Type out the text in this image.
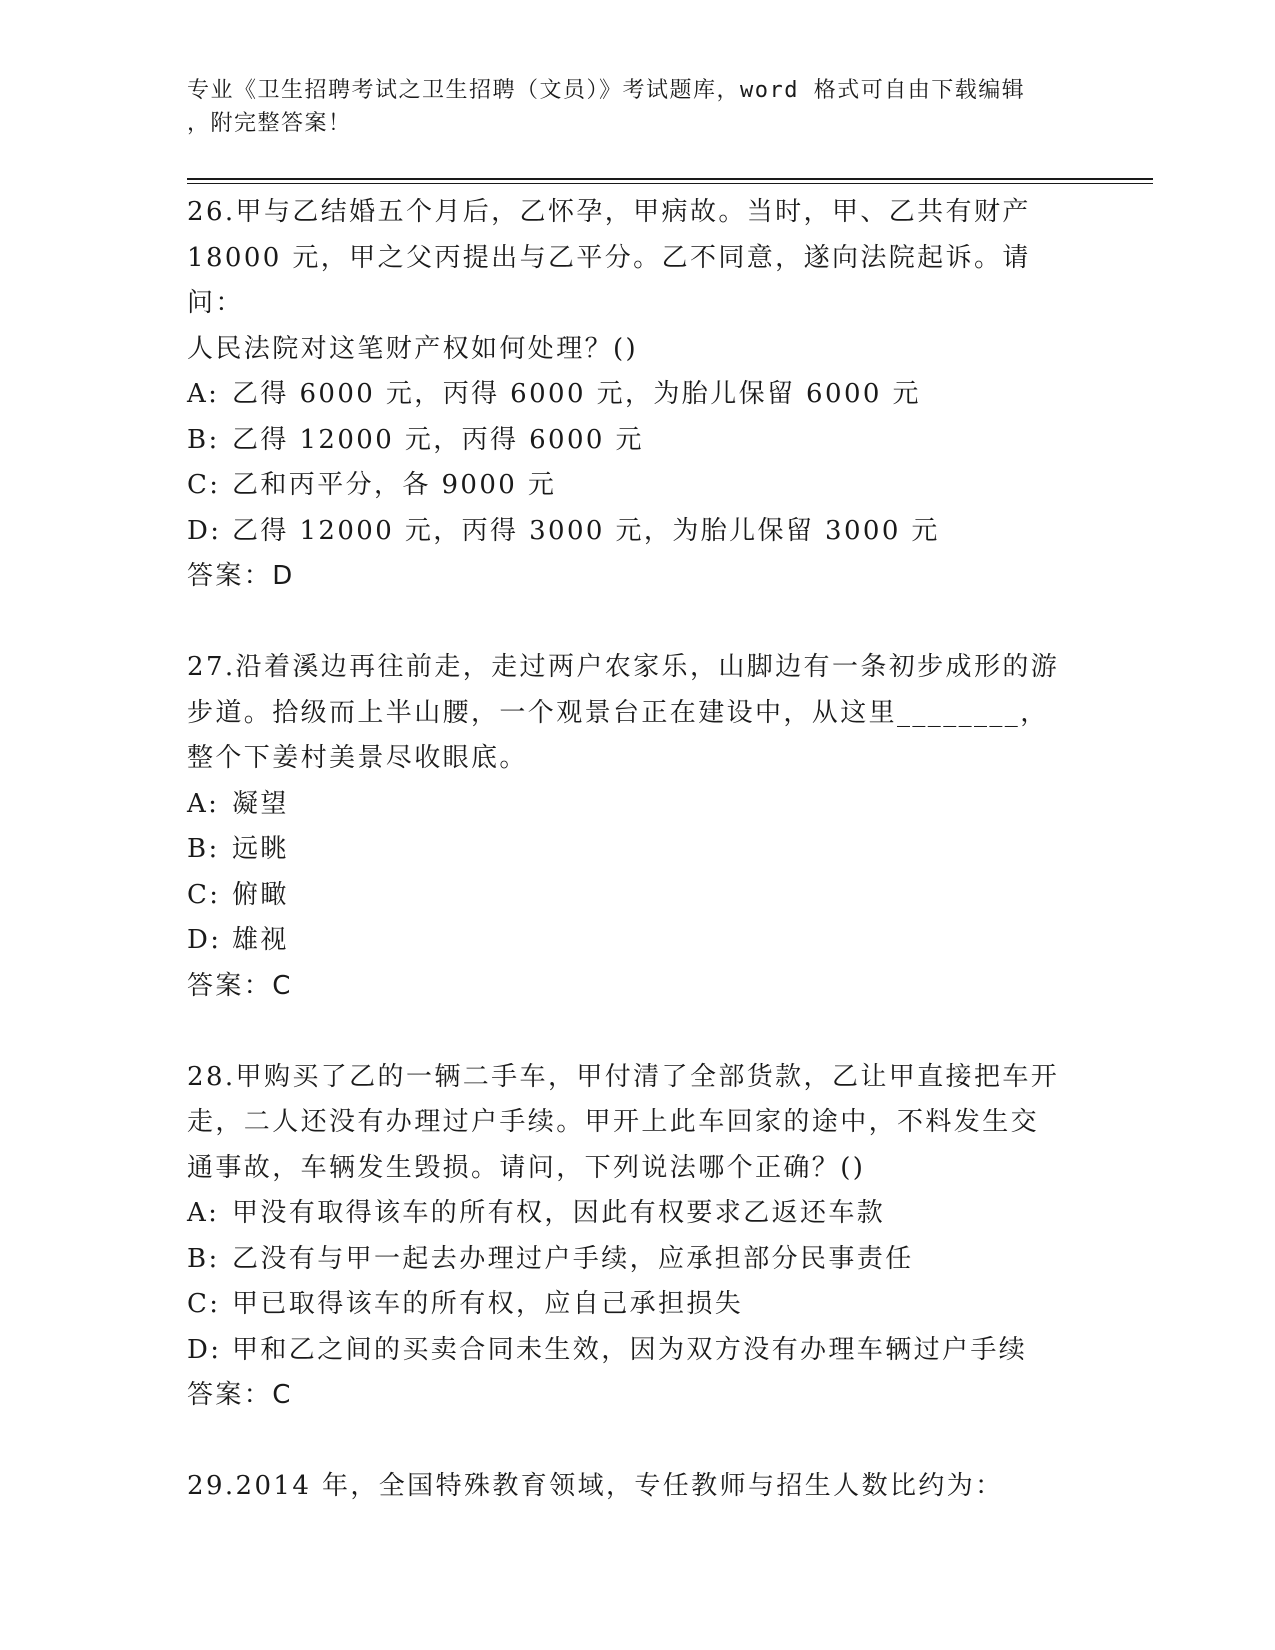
专业《卫生招聘考试之卫生招聘（文员）》考试题库，word 格式可自由下载编辑
，附完整答案！

26.甲与乙结婚五个月后，乙怀孕，甲病故。当时，甲、乙共有财产

18000 元，甲之父丙提出与乙平分。乙不同意，遂向法院起诉。请问：

人民法院对这笔财产权如何处理？()

A: 乙得 6000 元，丙得 6000 元，为胎儿保留 6000 元
B: 乙得 12000 元，丙得 6000 元
C: 乙和丙平分，各 9000 元
D: 乙得 12000 元，丙得 3000 元，为胎儿保留 3000 元

答案：D

27.沿着溪边再往前走，走过两户农家乐，山脚边有一条初步成形的游

步道。拾级而上半山腰，一个观景台正在建设中，从这里________，

整个下姜村美景尽收眼底。

A: 凝望
B: 远眺
C: 俯瞰
D: 雄视

答案：C

28.甲购买了乙的一辆二手车，甲付清了全部货款，乙让甲直接把车开

走，二人还没有办理过户手续。甲开上此车回家的途中，不料发生交

通事故，车辆发生毁损。请问，下列说法哪个正确？()

A: 甲没有取得该车的所有权，因此有权要求乙返还车款
B: 乙没有与甲一起去办理过户手续，应承担部分民事责任
C: 甲已取得该车的所有权，应自己承担损失
D: 甲和乙之间的买卖合同未生效，因为双方没有办理车辆过户手续

答案：C

29.2014 年，全国特殊教育领域，专任教师与招生人数比约为：
